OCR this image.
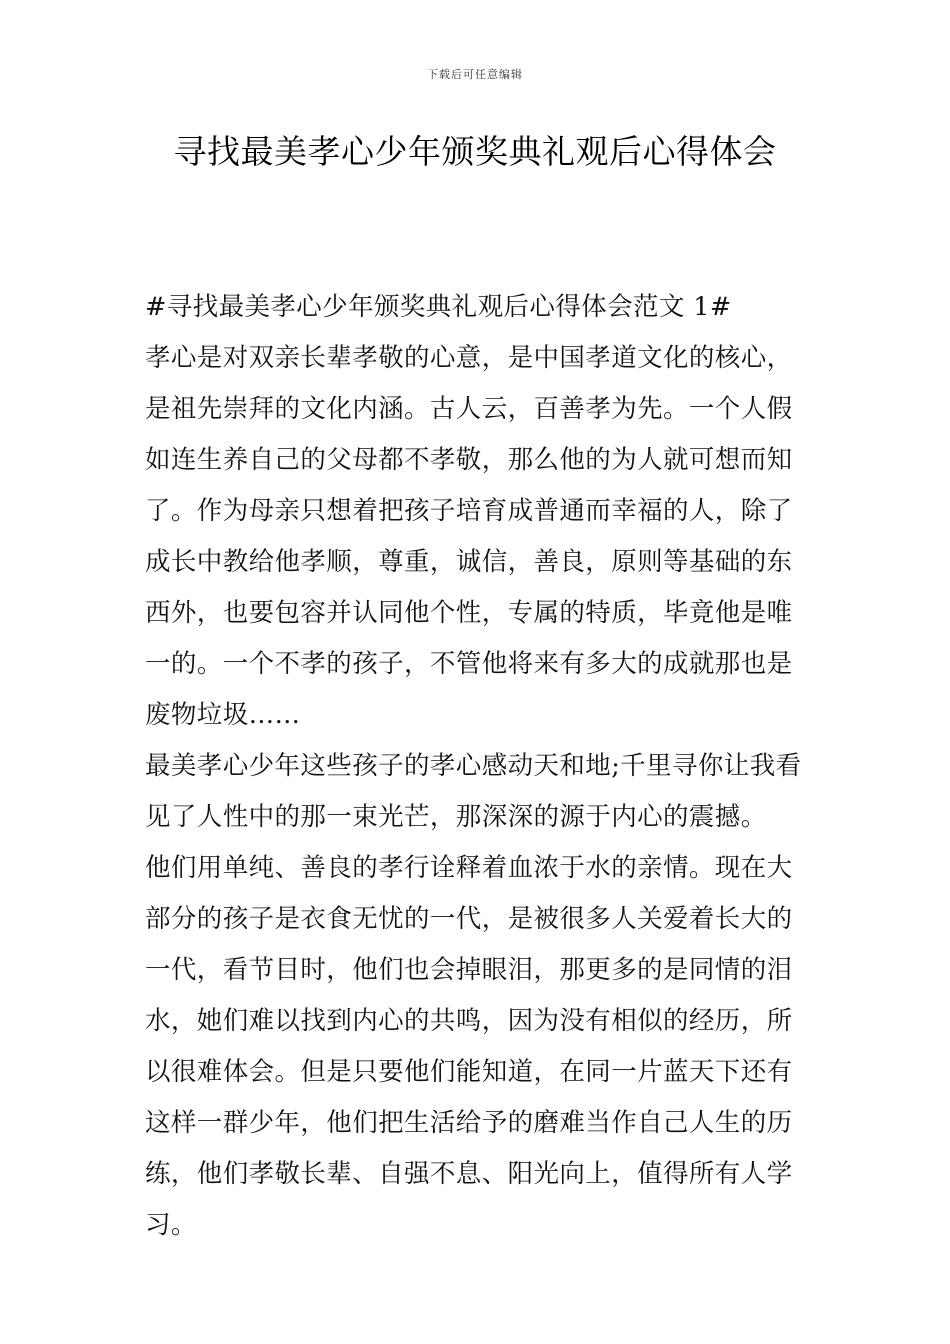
下载后可任意编辑
寻找最美孝心少年颁奖典礼观后心得体会

#寻找最美孝心少年颁奖典礼观后心得体会范文 1#

孝心是对双亲长辈孝敬的心意，是中国孝道文化的核心，是祖先崇拜的文化内涵。古人云，百善孝为先。一个人假如连生养自己的父母都不孝敬，那么他的为人就可想而知了。作为母亲只想着把孩子培育成普通而幸福的人，除了成长中教给他孝顺，尊重，诚信，善良，原则等基础的东西外，也要包容并认同他个性，专属的特质，毕竟他是唯一的。一个不孝的孩子，不管他将来有多大的成就那也是废物垃圾……

最美孝心少年这些孩子的孝心感动天和地;千里寻你让我看见了人性中的那一束光芒，那深深的源于内心的震撼。

他们用单纯、善良的孝行诠释着血浓于水的亲情。现在大部分的孩子是衣食无忧的一代，是被很多人关爱着长大的一代，看节目时，他们也会掉眼泪，那更多的是同情的泪水，她们难以找到内心的共鸣，因为没有相似的经历，所以很难体会。但是只要他们能知道，在同一片蓝天下还有这样一群少年，他们把生活给予的磨难当作自己人生的历练，他们孝敬长辈、自强不息、阳光向上，值得所有人学习。
